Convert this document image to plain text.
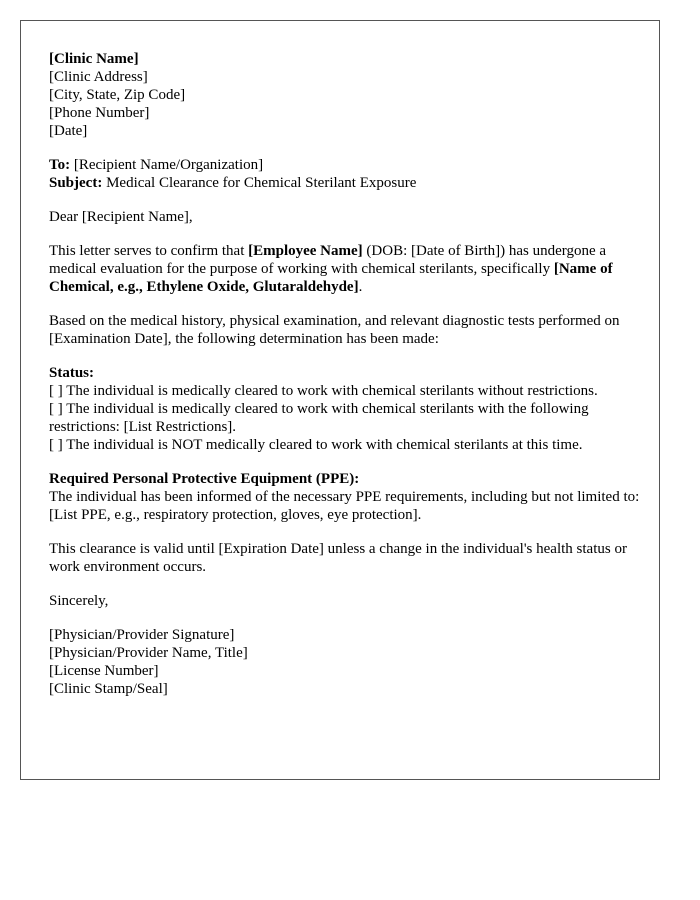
[Clinic Name]
[Clinic Address]
[City, State, Zip Code]
[Phone Number]
[Date]
To: [Recipient Name/Organization]
Subject: Medical Clearance for Chemical Sterilant Exposure
Dear [Recipient Name],
This letter serves to confirm that [Employee Name] (DOB: [Date of Birth]) has undergone a medical evaluation for the purpose of working with chemical sterilants, specifically [Name of Chemical, e.g., Ethylene Oxide, Glutaraldehyde].
Based on the medical history, physical examination, and relevant diagnostic tests performed on [Examination Date], the following determination has been made:
Status:
[ ] The individual is medically cleared to work with chemical sterilants without restrictions.
[ ] The individual is medically cleared to work with chemical sterilants with the following restrictions: [List Restrictions].
[ ] The individual is NOT medically cleared to work with chemical sterilants at this time.
Required Personal Protective Equipment (PPE):
The individual has been informed of the necessary PPE requirements, including but not limited to: [List PPE, e.g., respiratory protection, gloves, eye protection].
This clearance is valid until [Expiration Date] unless a change in the individual's health status or work environment occurs.
Sincerely,
[Physician/Provider Signature]
[Physician/Provider Name, Title]
[License Number]
[Clinic Stamp/Seal]
